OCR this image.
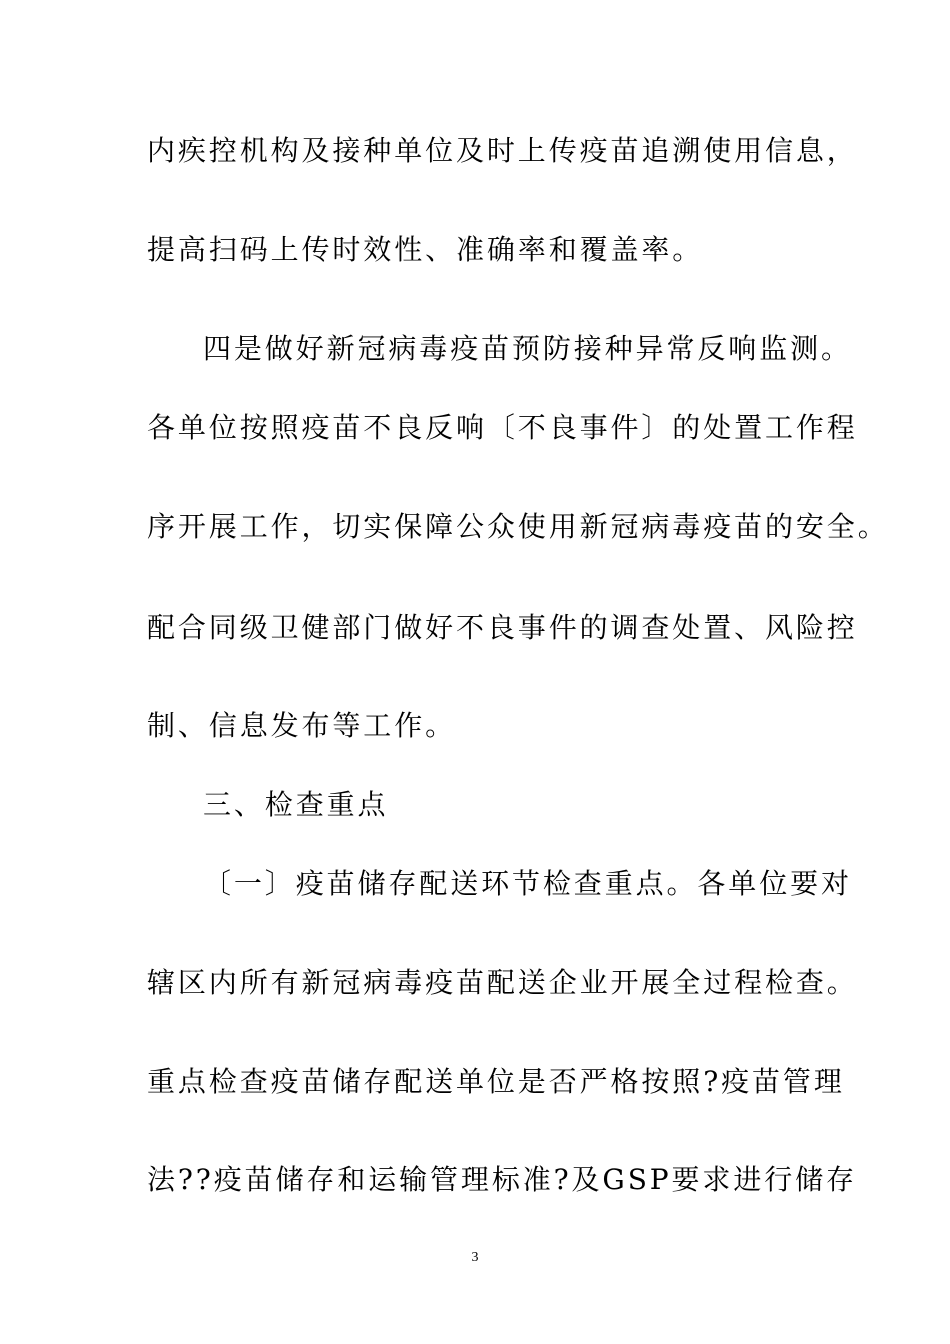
内疾控机构及接种单位及时上传疫苗追溯使用信息，
提高扫码上传时效性、准确率和覆盖率。
四是做好新冠病毒疫苗预防接种异常反响监测。
各单位按照疫苗不良反响〔不良事件〕的处置工作程
序开展工作，切实保障公众使用新冠病毒疫苗的安全。
配合同级卫健部门做好不良事件的调查处置、风险控
制、信息发布等工作。
三、检查重点
〔一〕疫苗储存配送环节检查重点。各单位要对
辖区内所有新冠病毒疫苗配送企业开展全过程检查。
重点检查疫苗储存配送单位是否严格按照?疫苗管理
法??疫苗储存和运输管理标准?及GSP要求进行储存
3
